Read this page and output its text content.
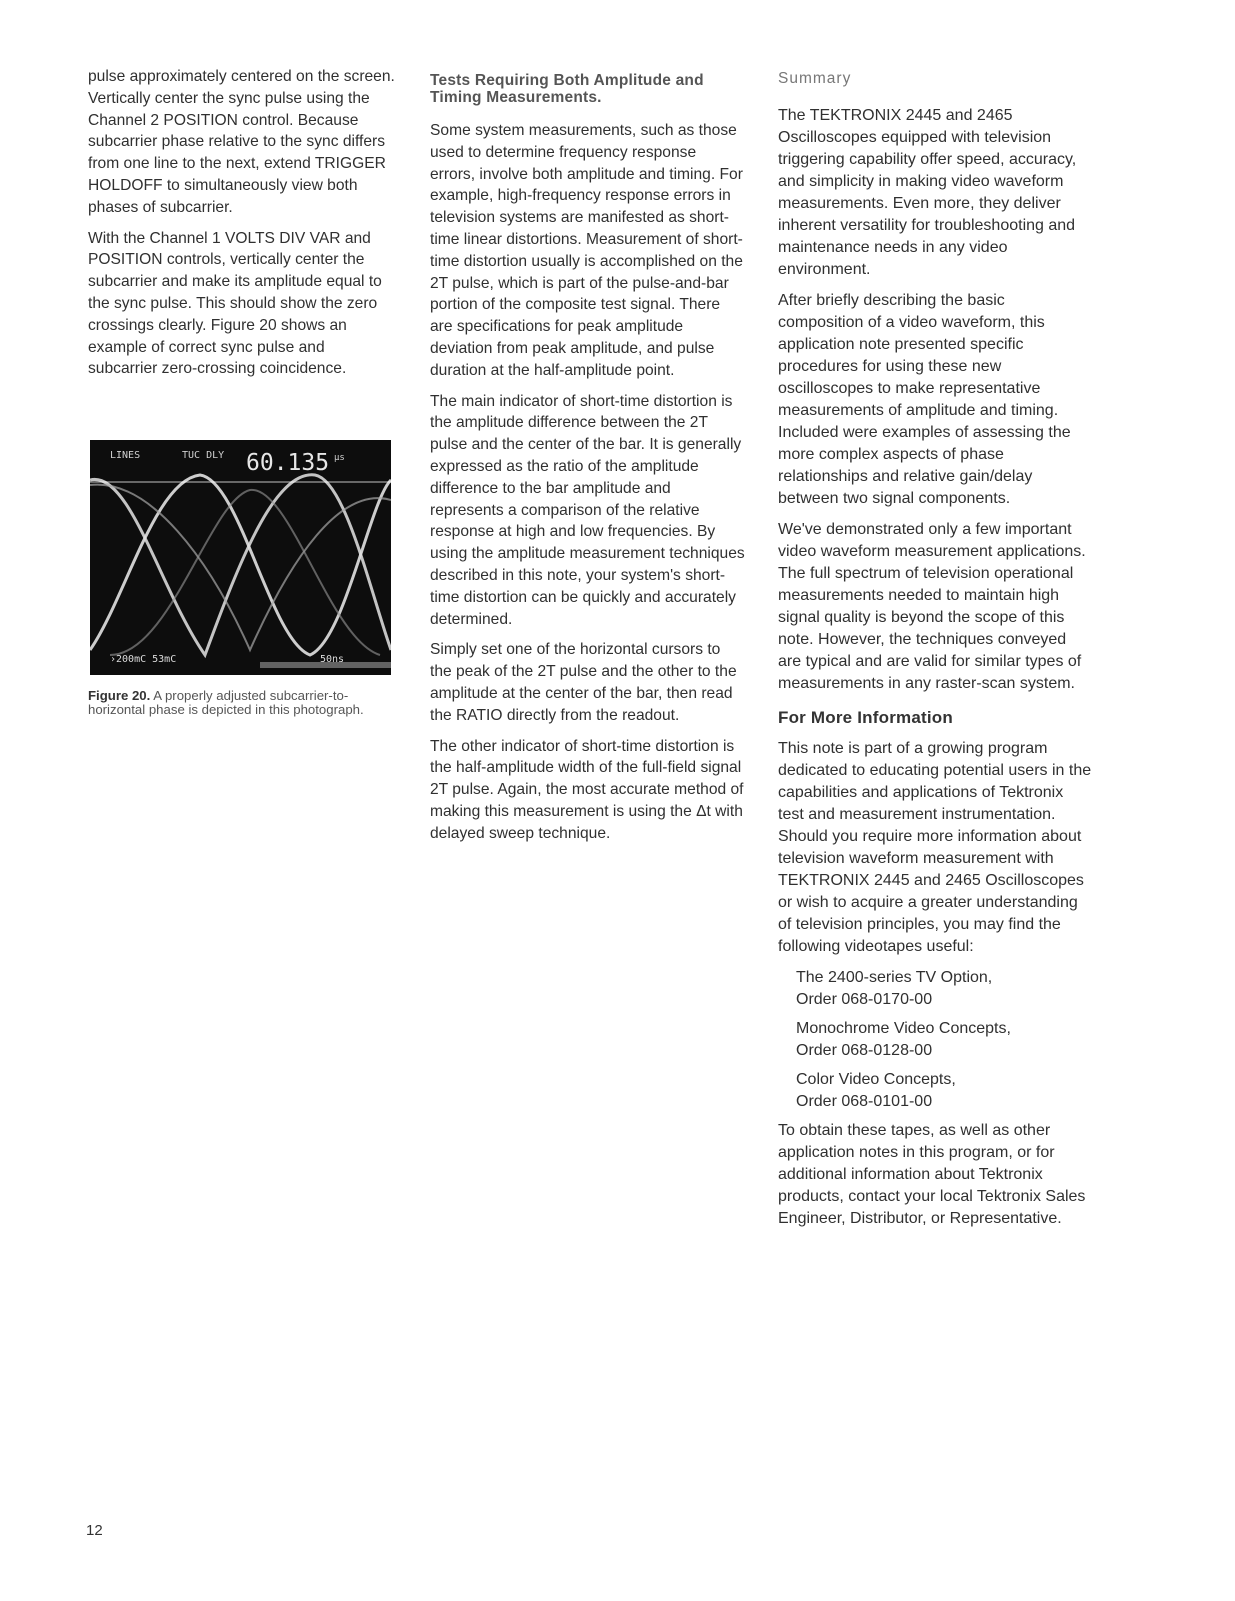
pulse approximately centered on the screen. Vertically center the sync pulse using the Channel 2 POSITION control. Because subcarrier phase relative to the sync differs from one line to the next, extend TRIGGER HOLDOFF to simultaneously view both phases of subcarrier.

With the Channel 1 VOLTS DIV VAR and POSITION controls, vertically center the subcarrier and make its amplitude equal to the sync pulse. This should show the zero crossings clearly. Figure 20 shows an example of correct sync pulse and subcarrier zero-crossing coincidence.

LINES	TUC DLY 60.135 μs
›200mC 53mC	50ns

Figure 20. A properly adjusted subcarrier-to-horizontal phase is depicted in this photograph.

Tests Requiring Both Amplitude and Timing Measurements.

Some system measurements, such as those used to determine frequency response errors, involve both amplitude and timing. For example, high-frequency response errors in television systems are manifested as short-time linear distortions. Measurement of short-time distortion usually is accomplished on the 2T pulse, which is part of the pulse-and-bar portion of the composite test signal. There are specifications for peak amplitude deviation from peak amplitude, and pulse duration at the half-amplitude point.

The main indicator of short-time distortion is the amplitude difference between the 2T pulse and the center of the bar. It is generally expressed as the ratio of the amplitude difference to the bar amplitude and represents a comparison of the relative response at high and low frequencies. By using the amplitude measurement techniques described in this note, your system's short-time distortion can be quickly and accurately determined.

Simply set one of the horizontal cursors to the peak of the 2T pulse and the other to the amplitude at the center of the bar, then read the RATIO directly from the readout.

The other indicator of short-time distortion is the half-amplitude width of the full-field signal 2T pulse. Again, the most accurate method of making this measurement is using the Δt with delayed sweep technique.

Summary

The TEKTRONIX 2445 and 2465 Oscilloscopes equipped with television triggering capability offer speed, accuracy, and simplicity in making video waveform measurements. Even more, they deliver inherent versatility for troubleshooting and maintenance needs in any video environment.

After briefly describing the basic composition of a video waveform, this application note presented specific procedures for using these new oscilloscopes to make representative measurements of amplitude and timing. Included were examples of assessing the more complex aspects of phase relationships and relative gain/delay between two signal components.

We've demonstrated only a few important video waveform measurement applications. The full spectrum of television operational measurements needed to maintain high signal quality is beyond the scope of this note. However, the techniques conveyed are typical and are valid for similar types of measurements in any raster-scan system.

For More Information

This note is part of a growing program dedicated to educating potential users in the capabilities and applications of Tektronix test and measurement instrumentation. Should you require more information about television waveform measurement with TEKTRONIX 2445 and 2465 Oscilloscopes or wish to acquire a greater understanding of television principles, you may find the following videotapes useful:

The 2400-series TV Option,

Order 068-0170-00

Monochrome Video Concepts,

Order 068-0128-00

Color Video Concepts,

Order 068-0101-00

To obtain these tapes, as well as other application notes in this program, or for additional information about Tektronix products, contact your local Tektronix Sales Engineer, Distributor, or Representative.

12
